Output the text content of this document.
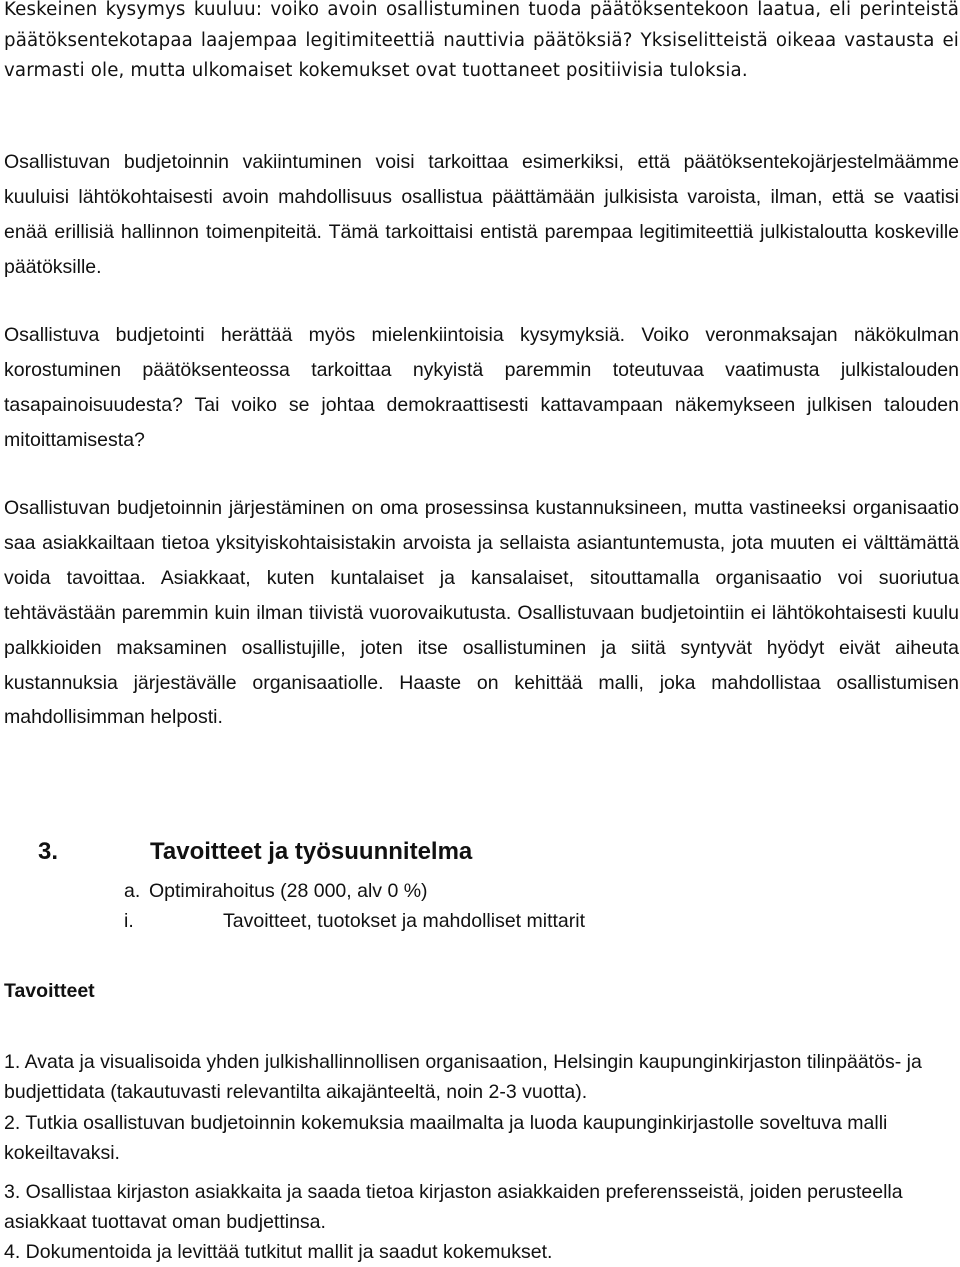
Keskeinen kysymys kuuluu: voiko avoin osallistuminen tuoda päätöksentekoon laatua, eli perinteistä päätöksentekotapaa laajempaa legitimiteettiä nauttivia päätöksiä? Yksiselitteistä oikeaa vastausta ei varmasti ole, mutta ulkomaiset kokemukset ovat tuottaneet positiivisia tuloksia.

Osallistuvan budjetoinnin vakiintuminen voisi tarkoittaa esimerkiksi, että päätöksentekojärjestelmäämme kuuluisi lähtökohtaisesti avoin mahdollisuus osallistua päättämään julkisista varoista, ilman, että se vaatisi enää erillisiä hallinnon toimenpiteitä. Tämä tarkoittaisi entistä parempaa legitimiteettiä julkistaloutta koskeville päätöksille.

Osallistuva budjetointi herättää myös mielenkiintoisia kysymyksiä. Voiko veronmaksajan näkökulman korostuminen päätöksenteossa tarkoittaa nykyistä paremmin toteutuvaa vaatimusta julkistalouden tasapainoisuudesta? Tai voiko se johtaa demokraattisesti kattavampaan näkemykseen julkisen talouden mitoittamisesta?

Osallistuvan budjetoinnin järjestäminen on oma prosessinsa kustannuksineen, mutta vastineeksi organisaatio saa asiakkailtaan tietoa yksityiskohtaisistakin arvoista ja sellaista asiantuntemusta, jota muuten ei välttämättä voida tavoittaa. Asiakkaat, kuten kuntalaiset ja kansalaiset, sitouttamalla organisaatio voi suoriutua tehtävästään paremmin kuin ilman tiivistä vuorovaikutusta. Osallistuvaan budjetointiin ei lähtökohtaisesti kuulu palkkioiden maksaminen osallistujille, joten itse osallistuminen ja siitä syntyvät hyödyt eivät aiheuta kustannuksia järjestävälle organisaatiolle. Haaste on kehittää malli, joka mahdollistaa osallistumisen mahdollisimman helposti.

3.	Tavoitteet ja työsuunnitelma
a. Optimirahoitus (28 000, alv 0 %)
i.	Tavoitteet, tuotokset ja mahdolliset mittarit
Tavoitteet

1. Avata ja visualisoida yhden julkishallinnollisen organisaation, Helsingin kaupunginkirjaston tilinpäätös- ja budjettidata (takautuvasti relevantilta aikajänteeltä, noin 2-3 vuotta).

2. Tutkia osallistuvan budjetoinnin kokemuksia maailmalta ja luoda kaupunginkirjastolle soveltuva malli kokeiltavaksi.

3. Osallistaa kirjaston asiakkaita ja saada tietoa kirjaston asiakkaiden preferensseistä, joiden perusteella asiakkaat tuottavat oman budjettinsa.

4. Dokumentoida ja levittää tutkitut mallit ja saadut kokemukset.
